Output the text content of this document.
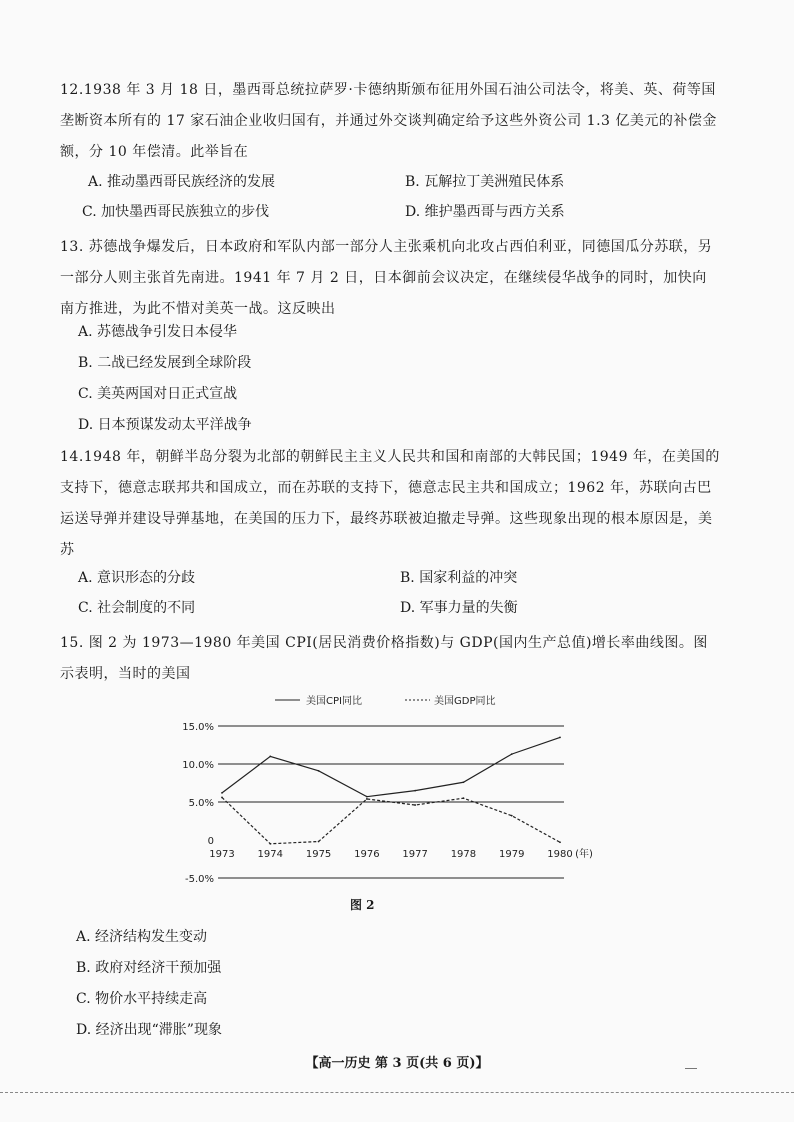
12.1938 年 3 月 18 日，墨西哥总统拉萨罗·卡德纳斯颁布征用外国石油公司法令，将美、英、荷等国垄断资本所有的 17 家石油企业收归国有，并通过外交谈判确定给予这些外资公司 1.3 亿美元的补偿金额，分 10 年偿清。此举旨在
A. 推动墨西哥民族经济的发展	B. 瓦解拉丁美洲殖民体系
C. 加快墨西哥民族独立的步伐	D. 维护墨西哥与西方关系
13. 苏德战争爆发后，日本政府和军队内部一部分人主张乘机向北攻占西伯利亚，同德国瓜分苏联，另一部分人则主张首先南进。1941 年 7 月 2 日，日本御前会议决定，在继续侵华战争的同时，加快向南方推进，为此不惜对美英一战。这反映出
A. 苏德战争引发日本侵华
B. 二战已经发展到全球阶段
C. 美英两国对日正式宣战
D. 日本预谋发动太平洋战争
14.1948 年，朝鲜半岛分裂为北部的朝鲜民主主义人民共和国和南部的大韩民国；1949 年，在美国的支持下，德意志联邦共和国成立，而在苏联的支持下，德意志民主共和国成立；1962 年，苏联向古巴运送导弹并建设导弹基地，在美国的压力下，最终苏联被迫撤走导弹。这些现象出现的根本原因是，美苏
A. 意识形态的分歧	B. 国家利益的冲突
C. 社会制度的不同	D. 军事力量的失衡
15. 图 2 为 1973—1980 年美国 CPI(居民消费价格指数)与 GDP(国内生产总值)增长率曲线图。图示表明，当时的美国
15.0%
10.0%
5.0%
0
-5.0%
1973 1974 1975 1976 1977 1978 1979 1980 (年)
美国CPI同比	美国GDP同比
图 2
A. 经济结构发生变动
B. 政府对经济干预加强
C. 物价水平持续走高
D. 经济出现“滞胀”现象
【高一历史 第 3 页(共 6 页)】
